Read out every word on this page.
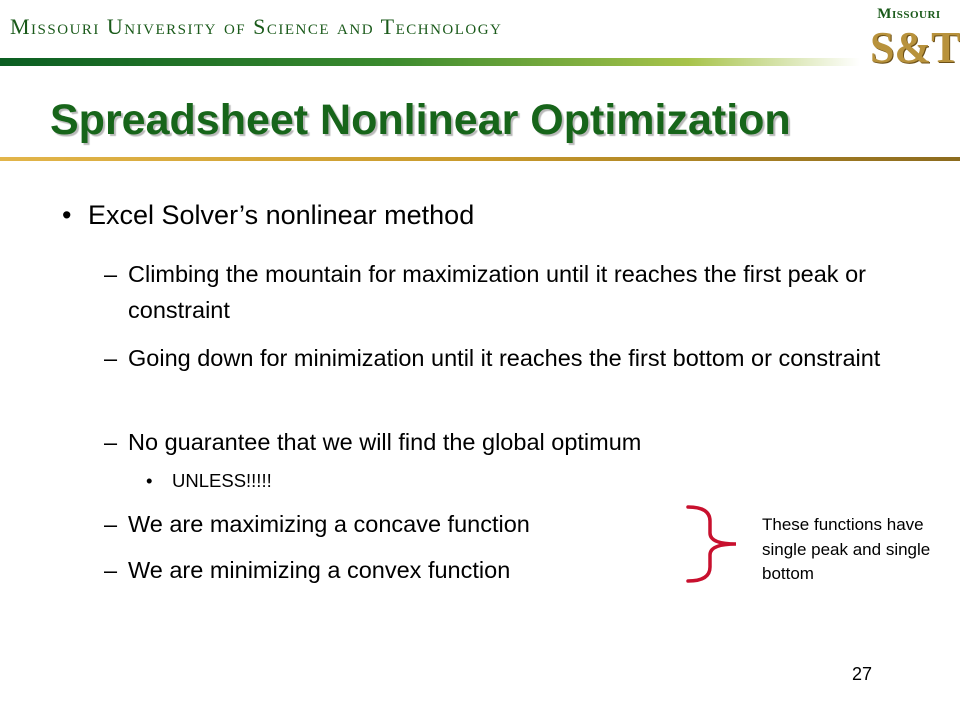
Missouri University of Science and Technology	Missouri
S&T
Spreadsheet Nonlinear Optimization
• Excel Solver’s nonlinear method
– Climbing the mountain for maximization until it reaches the first peak or constraint
– Going down for minimization until it reaches the first bottom or constraint
– No guarantee that we will find the global optimum
• UNLESS!!!!!
– We are maximizing a concave function
– We are minimizing a convex function
These functions have single peak and single bottom
27
